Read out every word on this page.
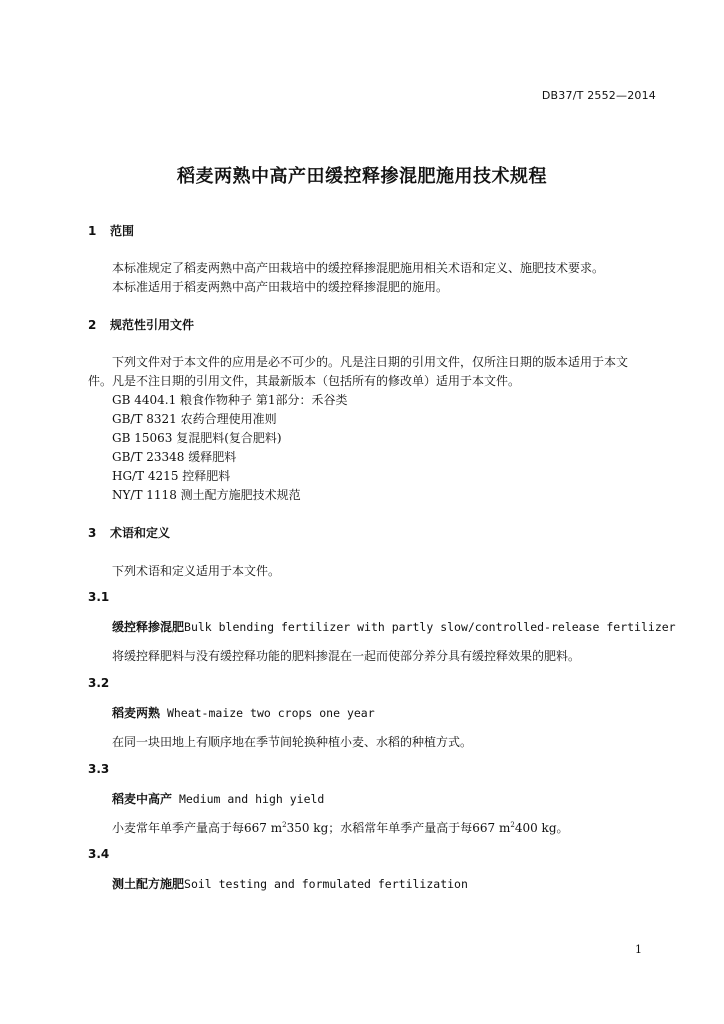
DB37/T 2552—2014
稻麦两熟中高产田缓控释掺混肥施用技术规程
1 范围
本标准规定了稻麦两熟中高产田栽培中的缓控释掺混肥施用相关术语和定义、施肥技术要求。
本标准适用于稻麦两熟中高产田栽培中的缓控释掺混肥的施用。
2 规范性引用文件
下列文件对于本文件的应用是必不可少的。凡是注日期的引用文件，仅所注日期的版本适用于本文
件。凡是不注日期的引用文件，其最新版本（包括所有的修改单）适用于本文件。
GB 4404.1 粮食作物种子 第1部分：禾谷类
GB/T 8321 农药合理使用准则
GB 15063 复混肥料(复合肥料)
GB/T 23348 缓释肥料
HG/T 4215 控释肥料
NY/T 1118 测土配方施肥技术规范
3 术语和定义
下列术语和定义适用于本文件。
3.1
缓控释掺混肥Bulk blending fertilizer with partly slow/controlled-release fertilizer
将缓控释肥料与没有缓控释功能的肥料掺混在一起而使部分养分具有缓控释效果的肥料。
3.2
稻麦两熟 Wheat-maize two crops one year
在同一块田地上有顺序地在季节间轮换种植小麦、水稻的种植方式。
3.3
稻麦中高产 Medium and high yield
小麦常年单季产量高于每667 $m^2350$ kg；水稻常年单季产量高于每667 $m^2400$ kg。
3.4
测土配方施肥Soil testing and formulated fertilization
1
